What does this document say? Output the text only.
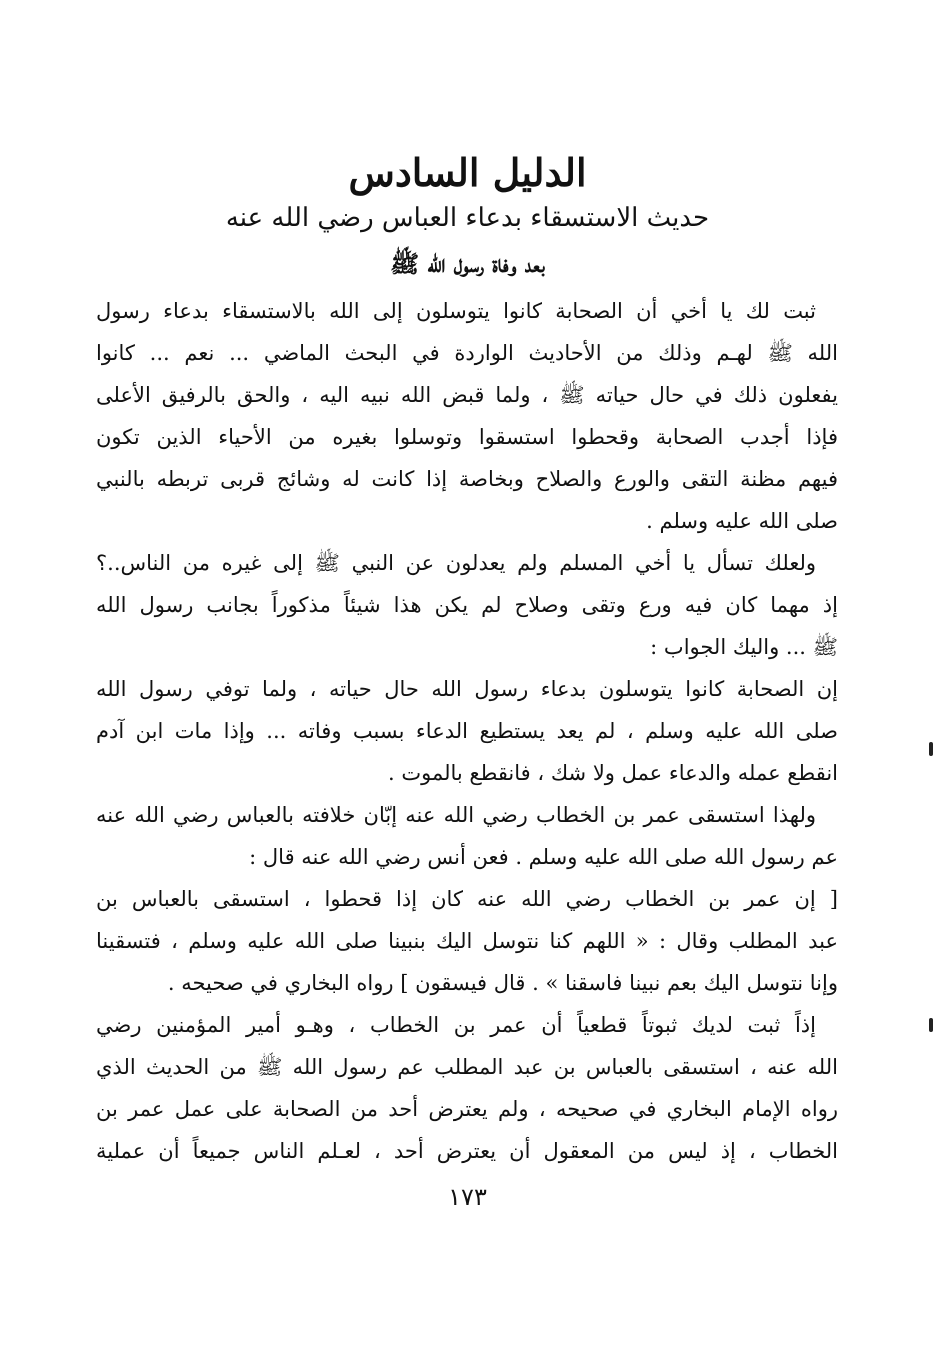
الدليل السادس
حديث الاستسقاء بدعاء العباس رضي الله عنه
بعد وفاة رسول الله ﷺ
ثبت لك يا أخي أن الصحابة كانوا يتوسلون إلى الله بالاستسقاء بدعاء رسول
الله ﷺ لهـم وذلك من الأحاديث الواردة في البحث الماضي ... نعم ... كانوا
يفعلون ذلك في حال حياته ﷺ ، ولما قبض الله نبيه اليه ، والحق بالرفيق الأعلى
فإذا أجدب الصحابة وقحطوا استسقوا وتوسلوا بغيره من الأحياء الذين تكون
فيهم مظنة التقى والورع والصلاح وبخاصة إذا كانت له وشائج قربى تربطه بالنبي
صلى الله عليه وسلم .
ولعلك تسأل يا أخي المسلم ولم يعدلون عن النبي ﷺ إلى غيره من الناس..؟
إذ مهما كان فيه ورع وتقى وصلاح لم يكن هذا شيئاً مذكوراً بجانب رسول الله
ﷺ ... واليك الجواب :
إن الصحابة كانوا يتوسلون بدعاء رسول الله حال حياته ، ولما توفي رسول الله
صلى الله عليه وسلم ، لم يعد يستطيع الدعاء بسبب وفاته ... وإذا مات ابن آدم
انقطع عمله والدعاء عمل ولا شك ، فانقطع بالموت .
ولهذا استسقى عمر بن الخطاب رضي الله عنه إبّان خلافته بالعباس رضي الله عنه
عم رسول الله صلى الله عليه وسلم . فعن أنس رضي الله عنه قال :
[ إن عمر بن الخطاب رضي الله عنه كان إذا قحطوا ، استسقى بالعباس بن
عبد المطلب وقال : « اللهم كنا نتوسل اليك بنبينا صلى الله عليه وسلم ، فتسقينا
وإنا نتوسل اليك بعم نبينا فاسقنا » . قال فيسقون ] رواه البخاري في صحيحه .
إذاً ثبت لديك ثبوتاً قطعياً أن عمر بن الخطاب ، وهـو أمير المؤمنين رضي
الله عنه ، استسقى بالعباس بن عبد المطلب عم رسول الله ﷺ من الحديث الذي
رواه الإمام البخاري في صحيحه ، ولم يعترض أحد من الصحابة على عمل عمر بن
الخطاب ، إذ ليس من المعقول أن يعترض أحد ، لعـلم الناس جميعاً أن عملية
١٧٣
